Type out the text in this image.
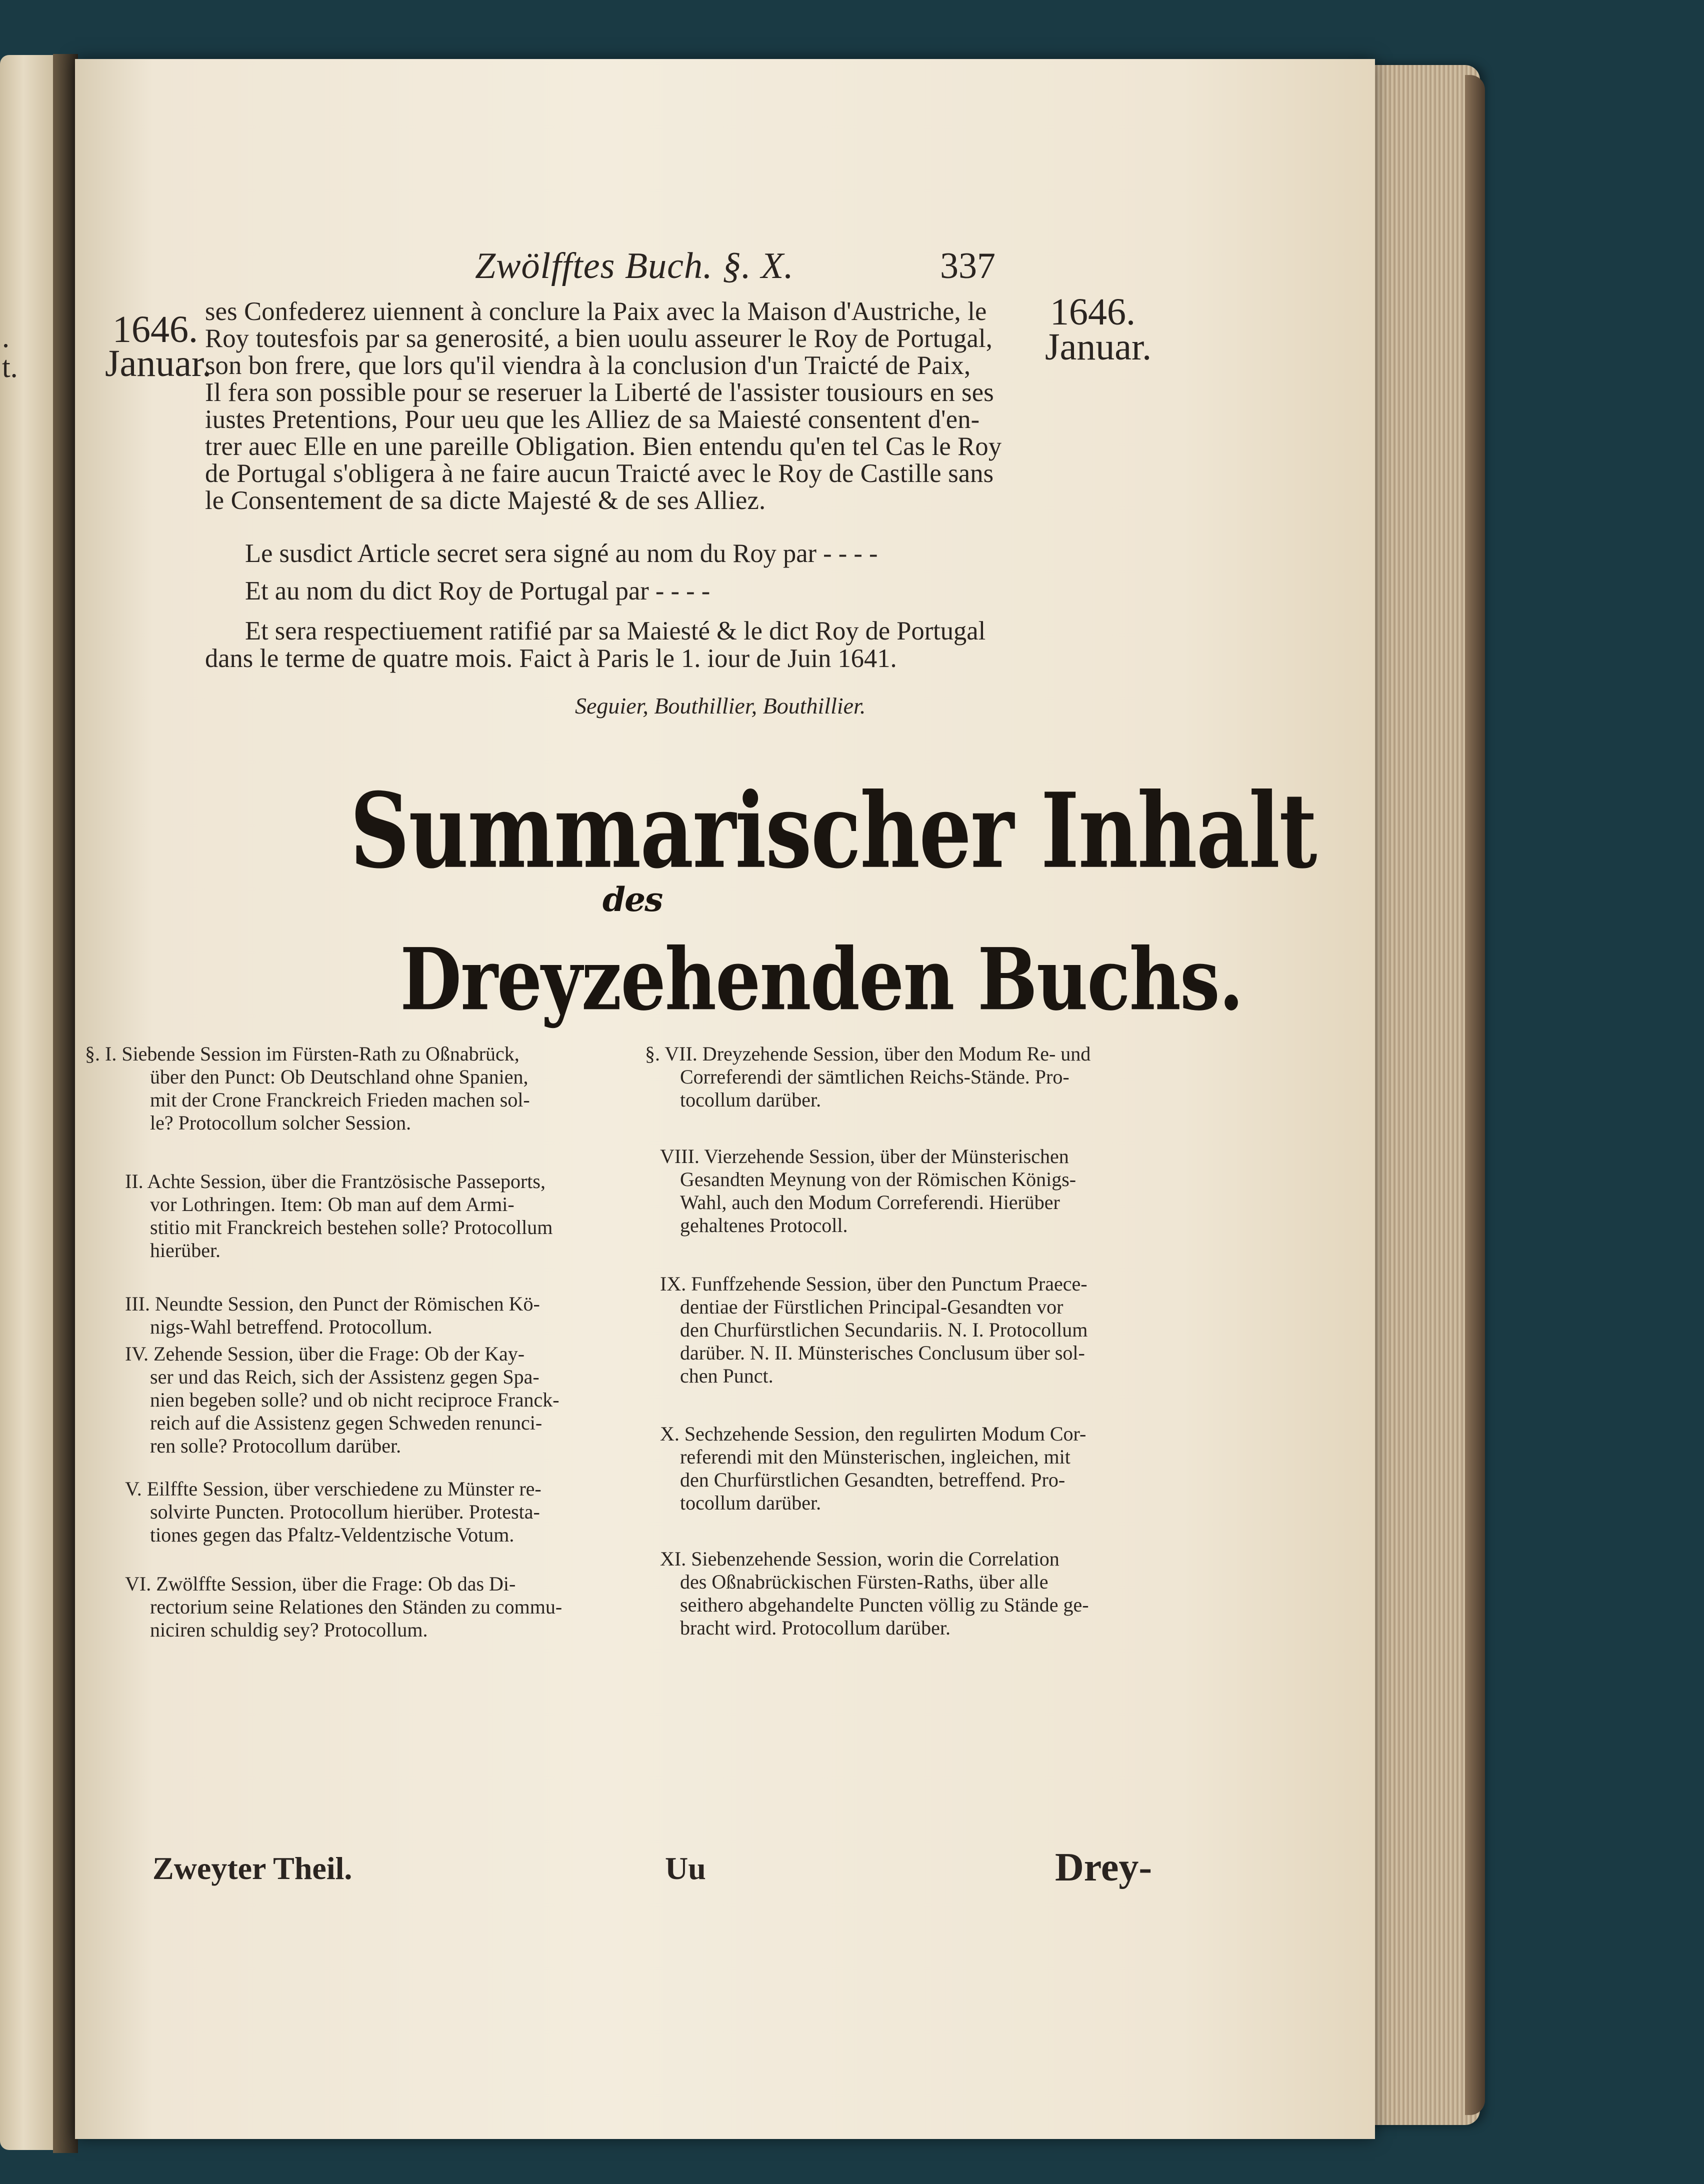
.
t.
Zwölfftes Buch. §. X.	337
1646.
Januar.
1646.
Januar.
ses Confederez uiennent à conclure la Paix avec la Maison d'Austriche, le
Roy toutesfois par sa generosité, a bien uoulu asseurer le Roy de Portugal,
son bon frere, que lors qu'il viendra à la conclusion d'un Traicté de Paix,
Il fera son possible pour se reseruer la Liberté de l'assister tousiours en ses
iustes Pretentions, Pour ueu que les Alliez de sa Maiesté consentent d'en-
trer auec Elle en une pareille Obligation. Bien entendu qu'en tel Cas le Roy
de Portugal s'obligera à ne faire aucun Traicté avec le Roy de Castille sans
le Consentement de sa dicte Majesté & de ses Alliez.
Le susdict Article secret sera signé au nom du Roy par - - - -
Et au nom du dict Roy de Portugal par - - - -
Et sera respectiuement ratifié par sa Maiesté & le dict Roy de Portugal
dans le terme de quatre mois. Faict à Paris le 1. iour de Juin 1641.
Seguier, Bouthillier, Bouthillier.
Summarischer Inhalt
des
Dreyzehenden Buchs.
§. I. Siebende Session im Fürsten-Rath zu Oßnabrück,
über den Punct: Ob Deutschland ohne Spanien,
mit der Crone Franckreich Frieden machen sol-
le? Protocollum solcher Session.
II. Achte Session, über die Frantzösische Passeports,
vor Lothringen. Item: Ob man auf dem Armi-
stitio mit Franckreich bestehen solle? Protocollum
hierüber.
III. Neundte Session, den Punct der Römischen Kö-
nigs-Wahl betreffend. Protocollum.
IV. Zehende Session, über die Frage: Ob der Kay-
ser und das Reich, sich der Assistenz gegen Spa-
nien begeben solle? und ob nicht reciproce Franck-
reich auf die Assistenz gegen Schweden renunci-
ren solle? Protocollum darüber.
V. Eilffte Session, über verschiedene zu Münster re-
solvirte Puncten. Protocollum hierüber. Protesta-
tiones gegen das Pfaltz-Veldentzische Votum.
VI. Zwölffte Session, über die Frage: Ob das Di-
rectorium seine Relationes den Ständen zu commu-
niciren schuldig sey? Protocollum.
§. VII. Dreyzehende Session, über den Modum Re- und
Correferendi der sämtlichen Reichs-Stände. Pro-
tocollum darüber.
VIII. Vierzehende Session, über der Münsterischen
Gesandten Meynung von der Römischen Königs-
Wahl, auch den Modum Correferendi. Hierüber
gehaltenes Protocoll.
IX. Funffzehende Session, über den Punctum Praece-
dentiae der Fürstlichen Principal-Gesandten vor
den Churfürstlichen Secundariis. N. I. Protocollum
darüber. N. II. Münsterisches Conclusum über sol-
chen Punct.
X. Sechzehende Session, den regulirten Modum Cor-
referendi mit den Münsterischen, ingleichen, mit
den Churfürstlichen Gesandten, betreffend. Pro-
tocollum darüber.
XI. Siebenzehende Session, worin die Correlation
des Oßnabrückischen Fürsten-Raths, über alle
seithero abgehandelte Puncten völlig zu Stände ge-
bracht wird. Protocollum darüber.
Zweyter Theil.	Uu	Drey-
